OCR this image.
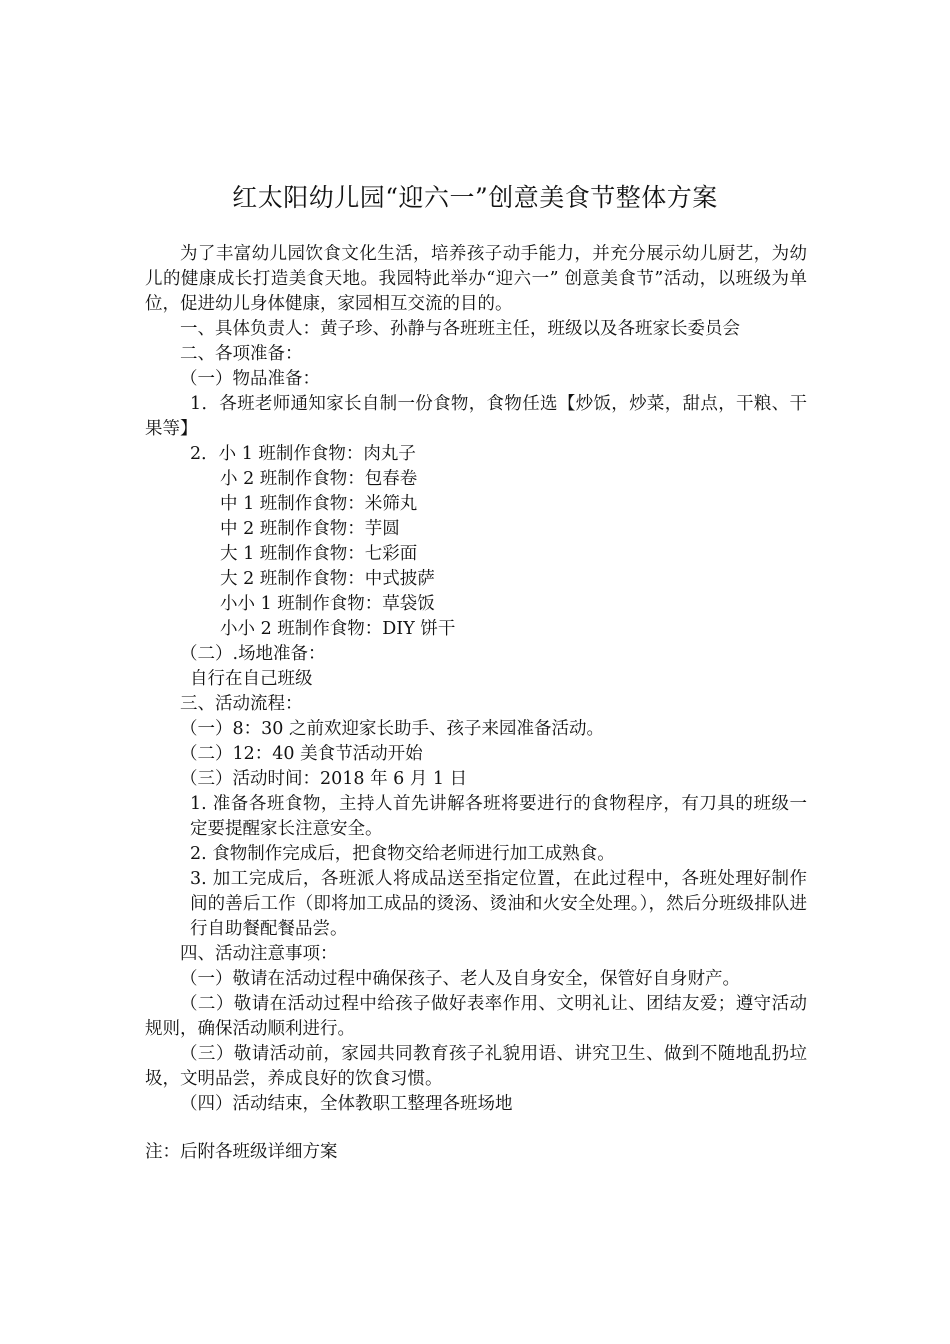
红太阳幼儿园“迎六一”创意美食节整体方案
为了丰富幼儿园饮食文化生活，培养孩子动手能力，并充分展示幼儿厨艺，为幼儿的健康成长打造美食天地。我园特此举办“迎六一” 创意美食节”活动，以班级为单位，促进幼儿身体健康，家园相互交流的目的。
一、具体负责人：黄子珍、孙静与各班班主任，班级以及各班家长委员会
二、各项准备：
（一）物品准备：
1．各班老师通知家长自制一份食物，食物任选【炒饭，炒菜，甜点，干粮、干果等】
2．小 1 班制作食物：肉丸子
小 2 班制作食物：包春卷
中 1 班制作食物：米筛丸
中 2 班制作食物：芋圆
大 1 班制作食物：七彩面
大 2 班制作食物：中式披萨
小小 1 班制作食物：草袋饭
小小 2 班制作食物：DIY 饼干
（二）.场地准备：
自行在自己班级
三、活动流程：
（一）8：30 之前欢迎家长助手、孩子来园准备活动。
（二）12：40 美食节活动开始
（三）活动时间：2018 年 6 月 1 日
1. 准备各班食物，主持人首先讲解各班将要进行的食物程序，有刀具的班级一定要提醒家长注意安全。
2. 食物制作完成后，把食物交给老师进行加工成熟食。
3. 加工完成后，各班派人将成品送至指定位置，在此过程中，各班处理好制作间的善后工作（即将加工成品的烫汤、烫油和火安全处理。），然后分班级排队进行自助餐配餐品尝。
四、活动注意事项：
（一）敬请在活动过程中确保孩子、老人及自身安全，保管好自身财产。
（二）敬请在活动过程中给孩子做好表率作用、文明礼让、团结友爱；遵守活动规则，确保活动顺利进行。
（三）敬请活动前，家园共同教育孩子礼貌用语、讲究卫生、做到不随地乱扔垃圾，文明品尝，养成良好的饮食习惯。
（四）活动结束，全体教职工整理各班场地
注：后附各班级详细方案
